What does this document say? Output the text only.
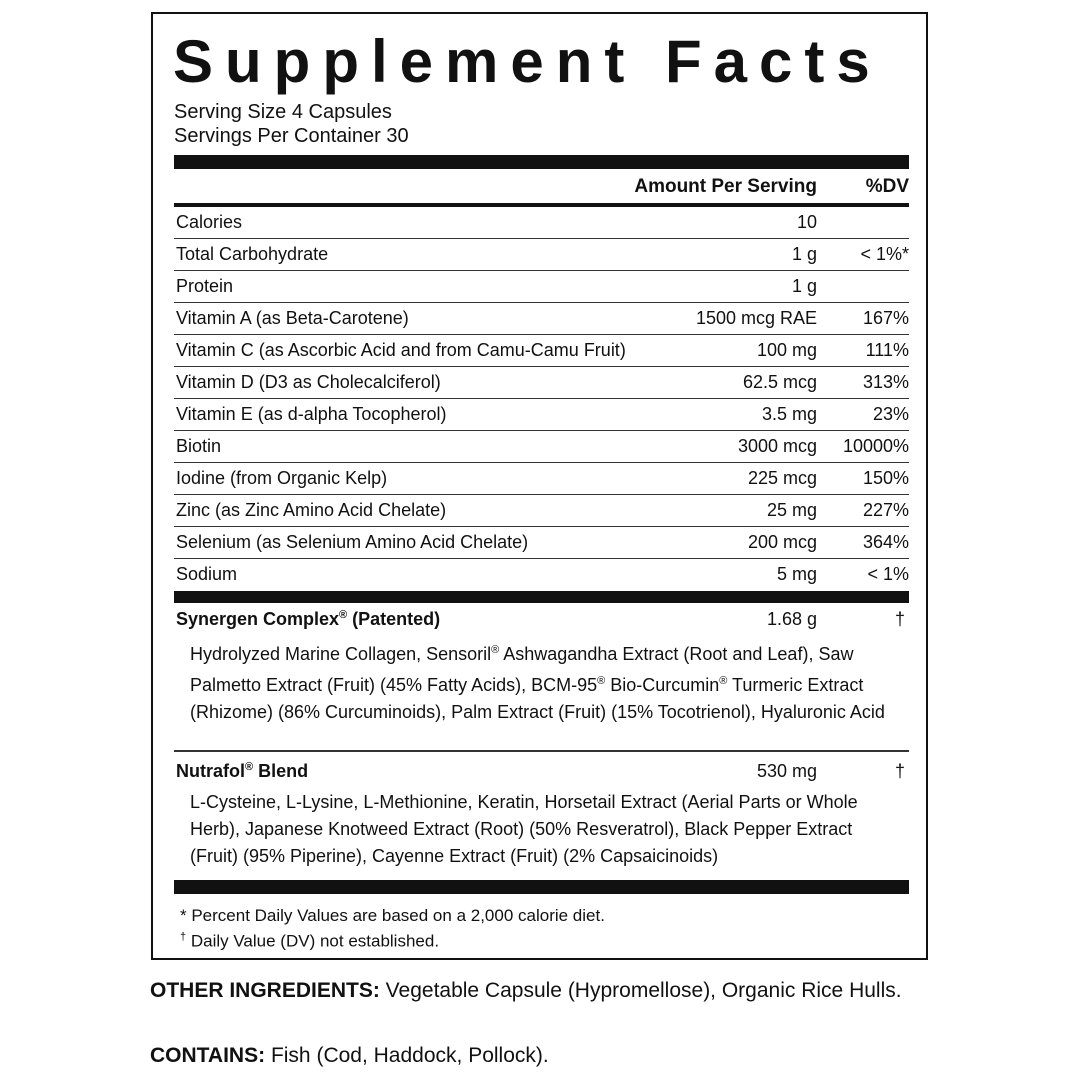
Supplement Facts
Serving Size 4 Capsules
Servings Per Container 30
Amount Per Serving	%DV
Calories	10
Total Carbohydrate	1 g < 1%*
Protein	1 g
Vitamin A (as Beta-Carotene)	1500 mcg RAE	167%
Vitamin C (as Ascorbic Acid and from Camu-Camu Fruit)	100 mg	111%
Vitamin D (D3 as Cholecalciferol)	62.5 mcg	313%
Vitamin E (as d-alpha Tocopherol)	3.5 mg	23%
Biotin	3000 mcg 10000%
Iodine (from Organic Kelp)	225 mcg	150%
Zinc (as Zinc Amino Acid Chelate)	25 mg	227%
Selenium (as Selenium Amino Acid Chelate)	200 mcg	364%
Sodium	5 mg	< 1%
Synergen Complex® (Patented)	1.68 g	†
Hydrolyzed Marine Collagen, Sensoril® Ashwagandha Extract (Root and Leaf), Saw Palmetto Extract (Fruit) (45% Fatty Acids), BCM-95® Bio-Curcumin® Turmeric Extract (Rhizome) (86% Curcuminoids), Palm Extract (Fruit) (15% Tocotrienol), Hyaluronic Acid
Nutrafol® Blend	530 mg	†
L-Cysteine, L-Lysine, L-Methionine, Keratin, Horsetail Extract (Aerial Parts or Whole Herb), Japanese Knotweed Extract (Root) (50% Resveratrol), Black Pepper Extract (Fruit) (95% Piperine), Cayenne Extract (Fruit) (2% Capsaicinoids)
* Percent Daily Values are based on a 2,000 calorie diet.
† Daily Value (DV) not established.
OTHER INGREDIENTS: Vegetable Capsule (Hypromellose), Organic Rice Hulls.
CONTAINS: Fish (Cod, Haddock, Pollock).
